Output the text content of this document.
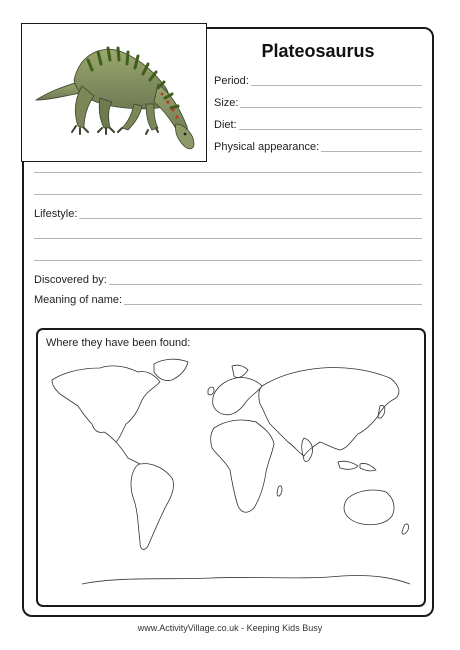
Plateosaurus
Period:
Size:
Diet:
Physical appearance:
Lifestyle:
Discovered by:
Meaning of name:
Where they have been found:
www.ActivityVillage.co.uk - Keeping Kids Busy
